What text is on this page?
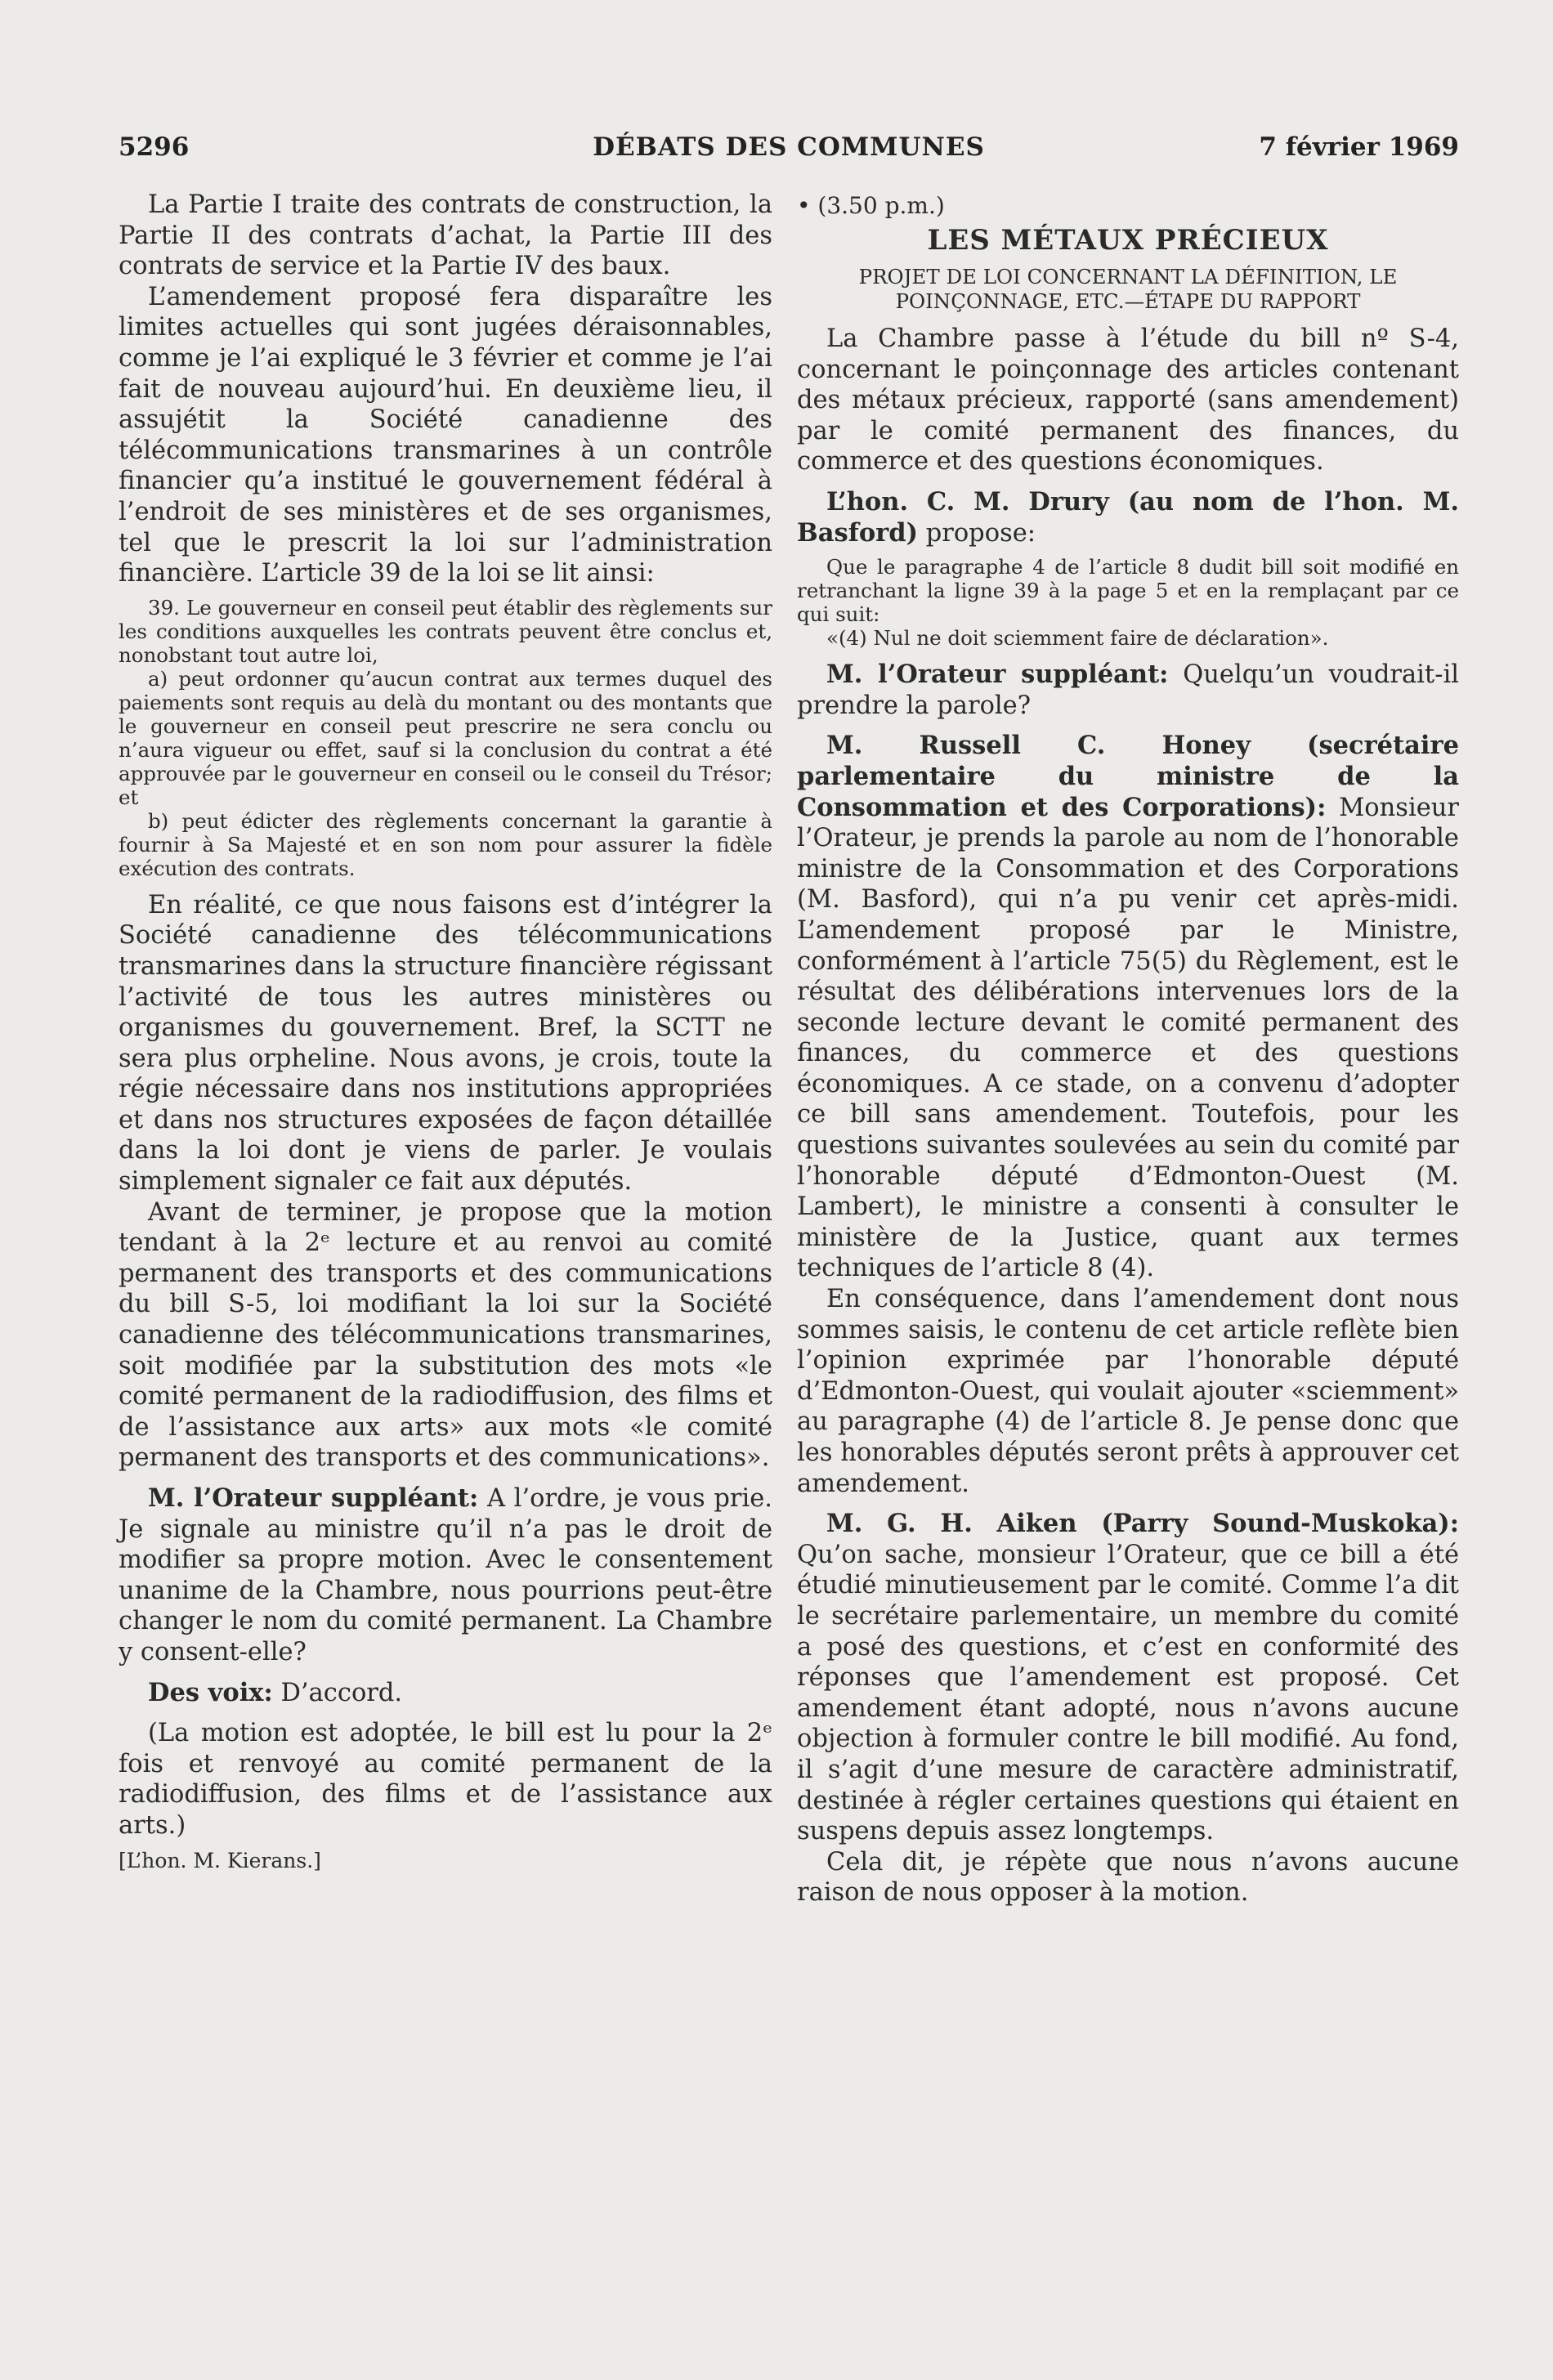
5296	DÉBATS DES COMMUNES	7 février 1969

La Partie I traite des contrats de construction, la Partie II des contrats d’achat, la Partie III des contrats de service et la Partie IV des baux.

L’amendement proposé fera disparaître les limites actuelles qui sont jugées déraisonnables, comme je l’ai expliqué le 3 février et comme je l’ai fait de nouveau aujourd’hui. En deuxième lieu, il assujétit la Société canadienne des télécommunications transmarines à un contrôle financier qu’a institué le gouvernement fédéral à l’endroit de ses ministères et de ses organismes, tel que le prescrit la loi sur l’administration financière. L’article 39 de la loi se lit ainsi:

39. Le gouverneur en conseil peut établir des règlements sur les conditions auxquelles les contrats peuvent être conclus et, nonobstant tout autre loi,

a) peut ordonner qu’aucun contrat aux termes duquel des paiements sont requis au delà du montant ou des montants que le gouverneur en conseil peut prescrire ne sera conclu ou n’aura vigueur ou effet, sauf si la conclusion du contrat a été approuvée par le gouverneur en conseil ou le conseil du Trésor; et

b) peut édicter des règlements concernant la garantie à fournir à Sa Majesté et en son nom pour assurer la fidèle exécution des contrats.

En réalité, ce que nous faisons est d’intégrer la Société canadienne des télécommunications transmarines dans la structure financière régissant l’activité de tous les autres ministères ou organismes du gouvernement. Bref, la SCTT ne sera plus orpheline. Nous avons, je crois, toute la régie nécessaire dans nos institutions appropriées et dans nos structures exposées de façon détaillée dans la loi dont je viens de parler. Je voulais simplement signaler ce fait aux députés.

Avant de terminer, je propose que la motion tendant à la 2ᵉ lecture et au renvoi au comité permanent des transports et des communications du bill S-5, loi modifiant la loi sur la Société canadienne des télécommunications transmarines, soit modifiée par la substitution des mots «le comité permanent de la radiodiffusion, des films et de l’assistance aux arts» aux mots «le comité permanent des transports et des communications».

M. l’Orateur suppléant: A l’ordre, je vous prie. Je signale au ministre qu’il n’a pas le droit de modifier sa propre motion. Avec le consentement unanime de la Chambre, nous pourrions peut-être changer le nom du comité permanent. La Chambre y consent-elle?

Des voix: D’accord.

(La motion est adoptée, le bill est lu pour la 2ᵉ fois et renvoyé au comité permanent de la radiodiffusion, des films et de l’assistance aux arts.)

[L’hon. M. Kierans.]

• (3.50 p.m.)

LES MÉTAUX PRÉCIEUX

PROJET DE LOI CONCERNANT LA DÉFINITION, LE POINÇONNAGE, ETC.—ÉTAPE DU RAPPORT

La Chambre passe à l’étude du bill nº S-4, concernant le poinçonnage des articles contenant des métaux précieux, rapporté (sans amendement) par le comité permanent des finances, du commerce et des questions économiques.

L’hon. C. M. Drury (au nom de l’hon. M. Basford) propose:

Que le paragraphe 4 de l’article 8 dudit bill soit modifié en retranchant la ligne 39 à la page 5 et en la remplaçant par ce qui suit:

«(4) Nul ne doit sciemment faire de déclaration».

M. l’Orateur suppléant: Quelqu’un voudrait-il prendre la parole?

M. Russell C. Honey (secrétaire parlementaire du ministre de la Consommation et des Corporations): Monsieur l’Orateur, je prends la parole au nom de l’honorable ministre de la Consommation et des Corporations (M. Basford), qui n’a pu venir cet après-midi. L’amendement proposé par le Ministre, conformément à l’article 75(5) du Règlement, est le résultat des délibérations intervenues lors de la seconde lecture devant le comité permanent des finances, du commerce et des questions économiques. A ce stade, on a convenu d’adopter ce bill sans amendement. Toutefois, pour les questions suivantes soulevées au sein du comité par l’honorable député d’Edmonton-Ouest (M. Lambert), le ministre a consenti à consulter le ministère de la Justice, quant aux termes techniques de l’article 8 (4).

En conséquence, dans l’amendement dont nous sommes saisis, le contenu de cet article reflète bien l’opinion exprimée par l’honorable député d’Edmonton-Ouest, qui voulait ajouter «sciemment» au paragraphe (4) de l’article 8. Je pense donc que les honorables députés seront prêts à approuver cet amendement.

M. G. H. Aiken (Parry Sound-Muskoka): Qu’on sache, monsieur l’Orateur, que ce bill a été étudié minutieusement par le comité. Comme l’a dit le secrétaire parlementaire, un membre du comité a posé des questions, et c’est en conformité des réponses que l’amendement est proposé. Cet amendement étant adopté, nous n’avons aucune objection à formuler contre le bill modifié. Au fond, il s’agit d’une mesure de caractère administratif, destinée à régler certaines questions qui étaient en suspens depuis assez longtemps.

Cela dit, je répète que nous n’avons aucune raison de nous opposer à la motion.
